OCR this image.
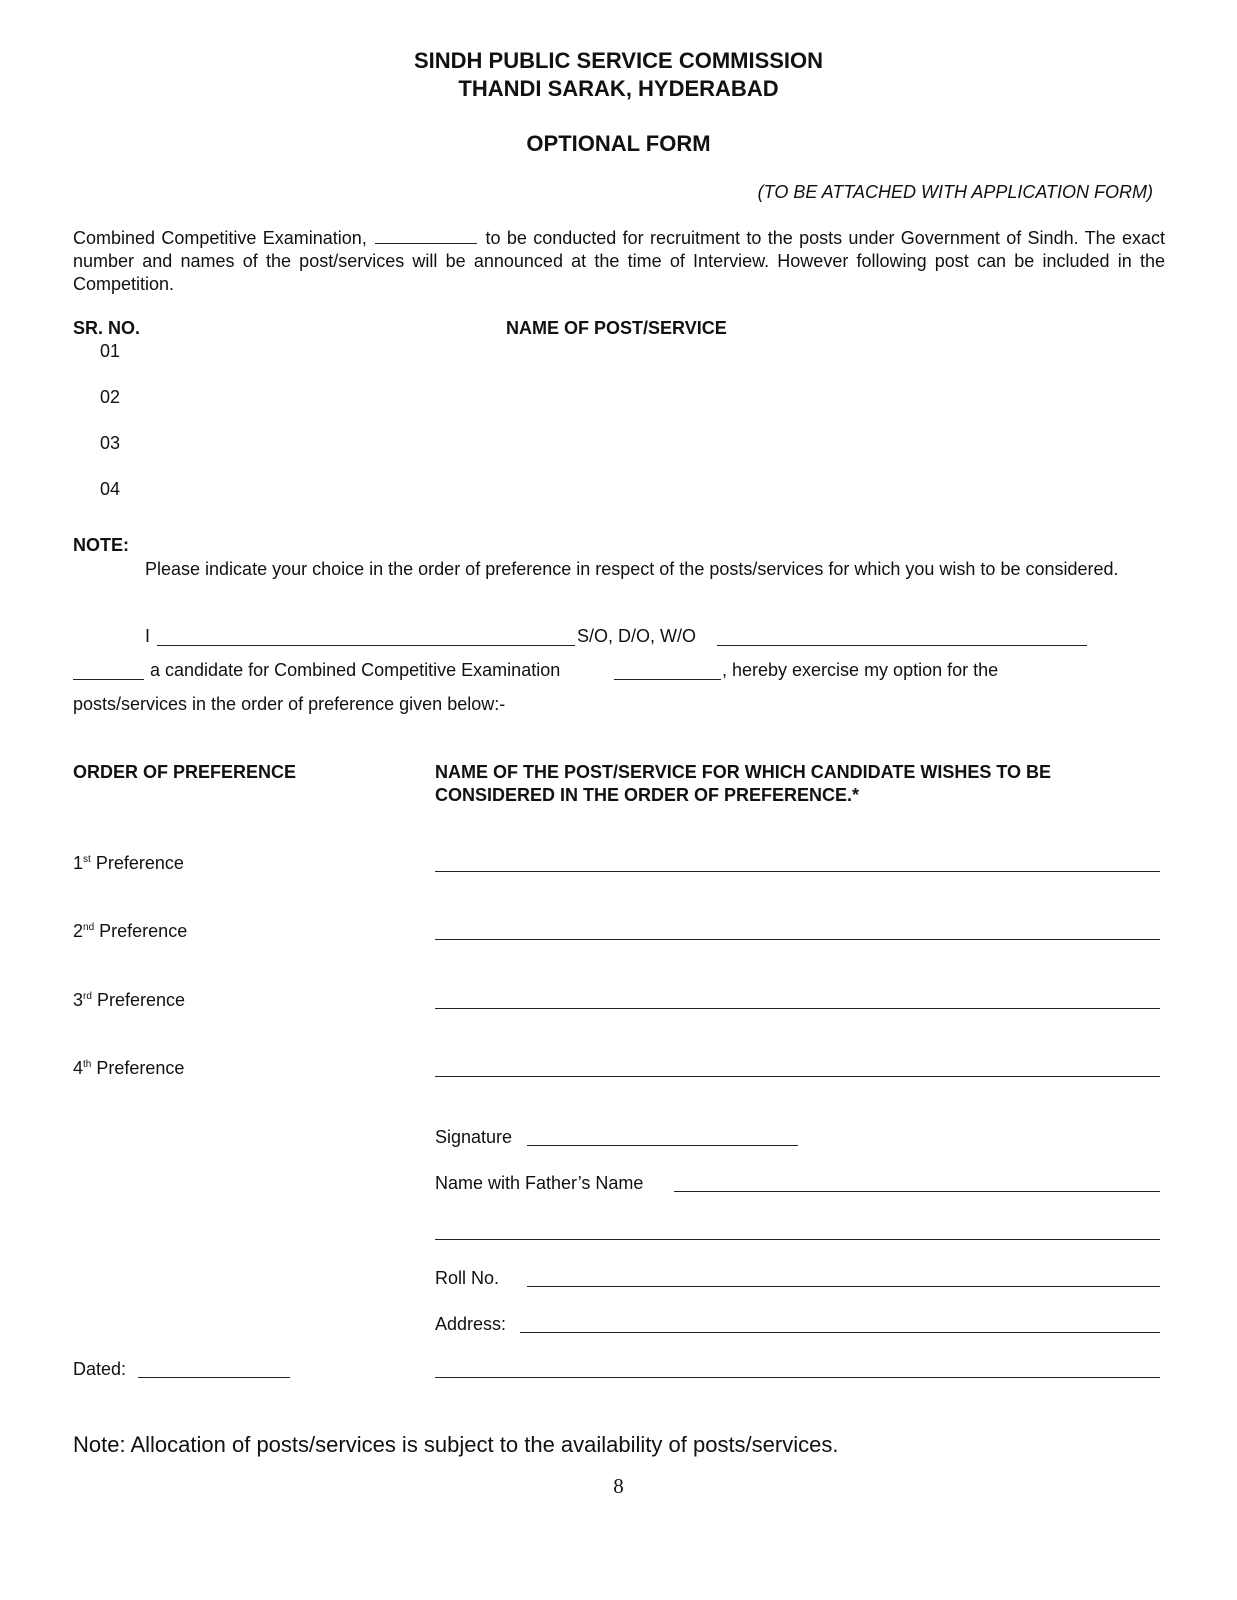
SINDH PUBLIC SERVICE COMMISSION
THANDI SARAK, HYDERABAD
OPTIONAL FORM
(TO BE ATTACHED WITH APPLICATION FORM)
Combined Competitive Examination,	to be conducted for recruitment to the posts under Government of Sindh. The exact number and names of the post/services will be announced at the time of Interview. However following post can be included in the Competition.
SR. NO.	NAME OF POST/SERVICE
01
02
03
04
NOTE:
Please indicate your choice in the order of preference in respect of the posts/services for which you wish to be considered.
I	S/O, D/O, W/O
a candidate for Combined Competitive Examination	, hereby exercise my option for the
posts/services in the order of preference given below:-
ORDER OF PREFERENCE	NAME OF THE POST/SERVICE FOR WHICH CANDIDATE WISHES TO BE
CONSIDERED IN THE ORDER OF PREFERENCE.*
1st Preference
2nd Preference
3rd Preference
4th Preference
Signature
Name with Father’s Name
Roll No.
Address:
Dated:
Note: Allocation of posts/services is subject to the availability of posts/services.
8
